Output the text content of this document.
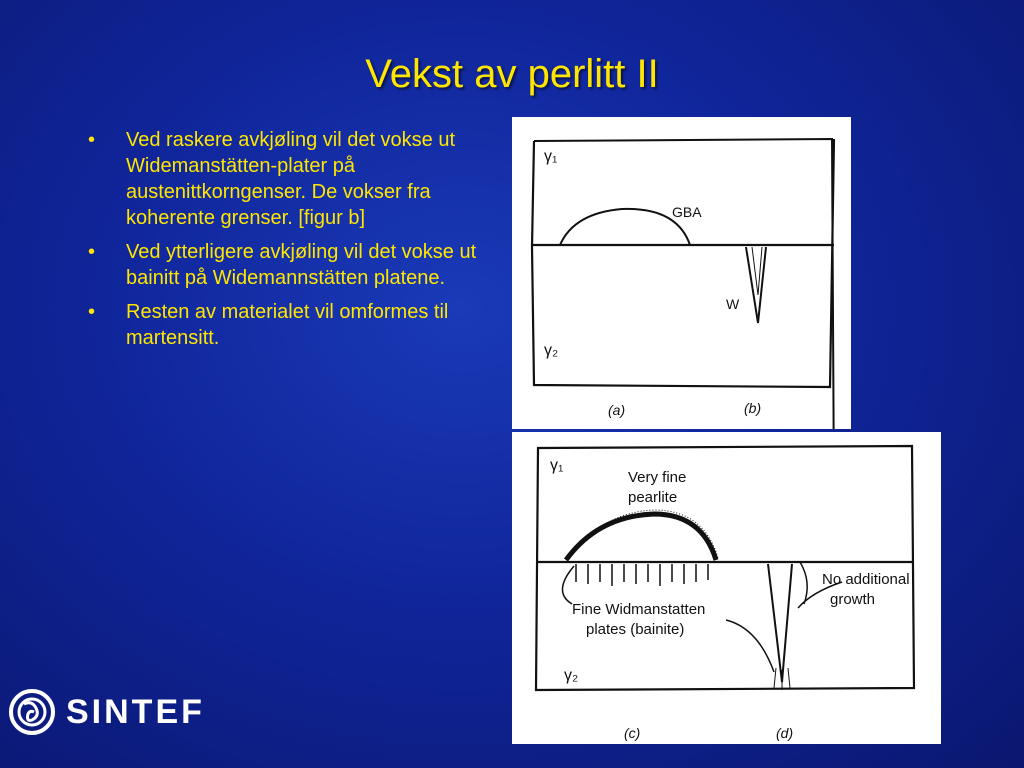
Vekst av perlitt II
• Ved raskere avkjøling vil det vokse ut Widemanstätten-plater på austenittkorngenser. De vokser fra koherente grenser. [figur b]
• Ved ytterligere avkjøling vil det vokse ut bainitt på Widemannstätten platene.
• Resten av materialet vil omformes til martensitt.
γ₁
γ₂
GBA
W
(a)	(b)
γ₁
γ₂
Very fine
pearlite
No additional
growth
Fine Widmanstatten
plates (bainite)
(c)	(d)
SINTEF
